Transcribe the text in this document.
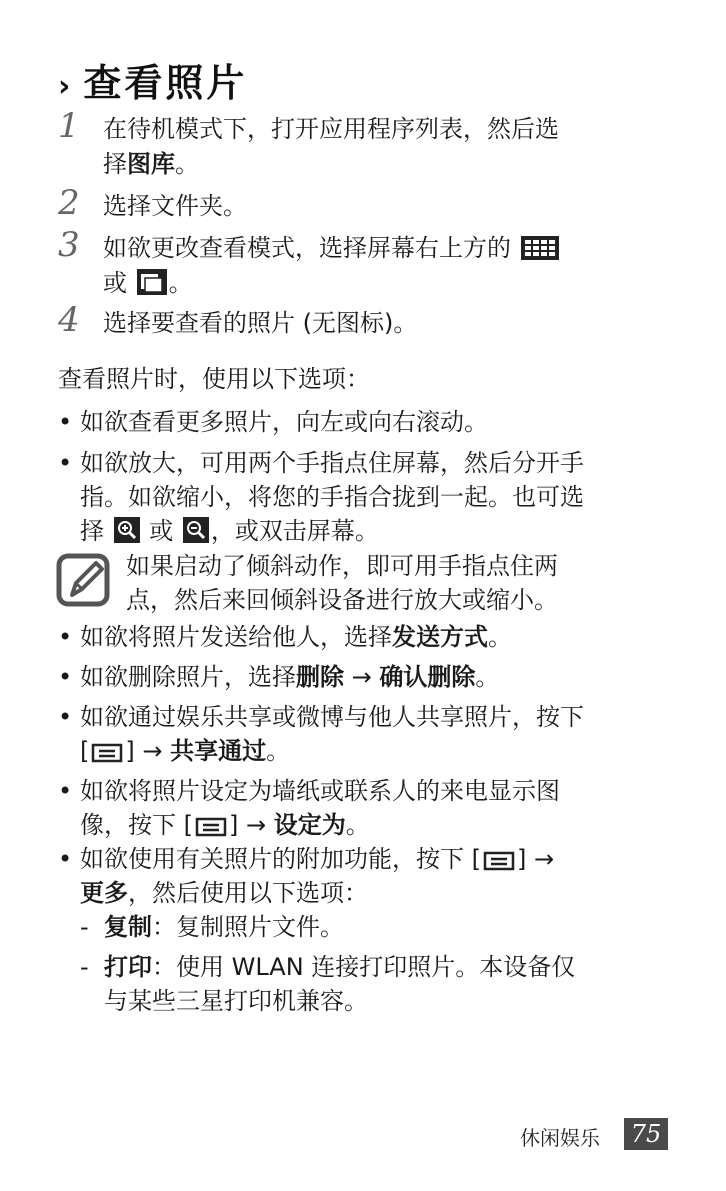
› 查看照片
1 在待机模式下，打开应用程序列表，然后选
择图库。
2 选择文件夹。
3 如欲更改查看模式，选择屏幕右上方的
或 。
4 选择要查看的照片 (无图标)。
查看照片时，使用以下选项：
• 如欲查看更多照片，向左或向右滚动。
• 如欲放大，可用两个手指点住屏幕，然后分开手
指。如欲缩小，将您的手指合拢到一起。也可选
择 或 ，或双击屏幕。
如果启动了倾斜动作，即可用手指点住两
点，然后来回倾斜设备进行放大或缩小。
• 如欲将照片发送给他人，选择发送方式。
• 如欲删除照片，选择删除 → 确认删除。
• 如欲通过娱乐共享或微博与他人共享照片，按下
[ ] → 共享通过。
• 如欲将照片设定为墙纸或联系人的来电显示图
像，按下 [ ] → 设定为。
• 如欲使用有关照片的附加功能，按下 [ ] →
更多，然后使用以下选项：
- 复制：复制照片文件。
- 打印：使用 WLAN 连接打印照片。本设备仅
与某些三星打印机兼容。
休闲娱乐 75
